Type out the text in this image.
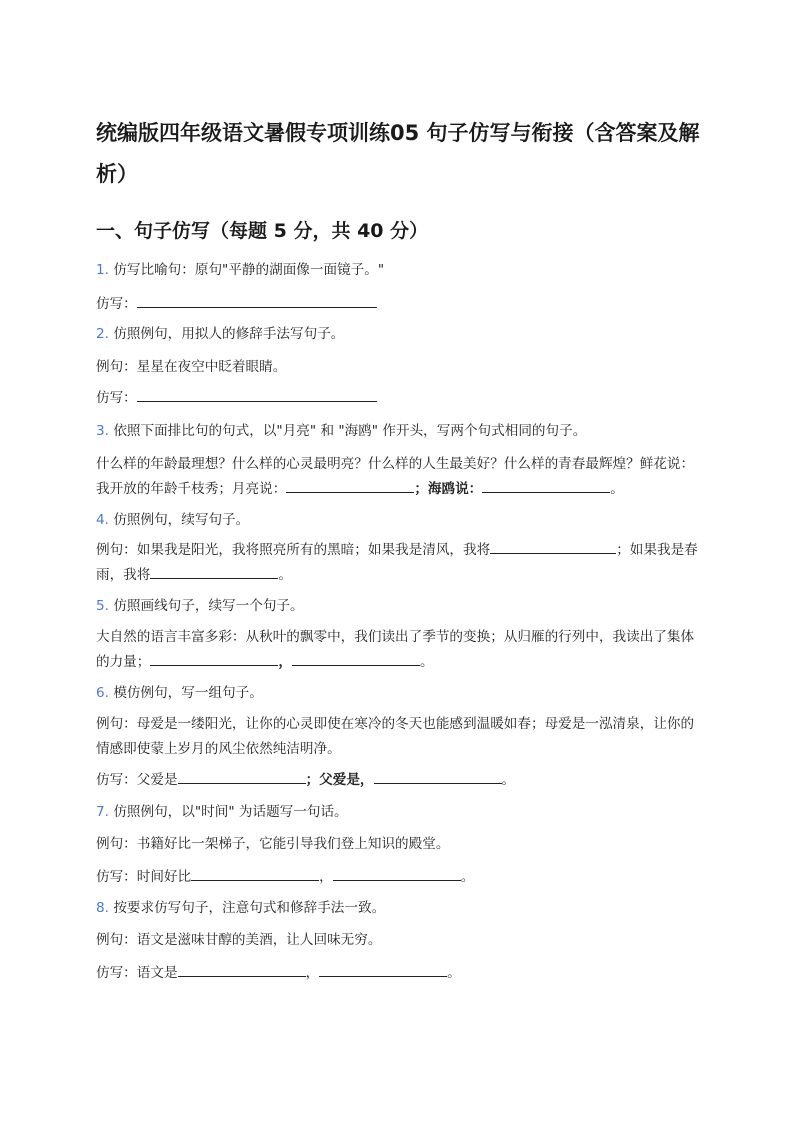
统编版四年级语文暑假专项训练05 句子仿写与衔接（含答案及解析）
一、句子仿写（每题 5 分，共 40 分）

1. 仿写比喻句：原句"平静的湖面像一面镜子。"

仿写：

2. 仿照例句，用拟人的修辞手法写句子。

例句：星星在夜空中眨着眼睛。

仿写：

3. 依照下面排比句的句式，以"月亮" 和 "海鸥" 作开头，写两个句式相同的句子。

什么样的年龄最理想？什么样的心灵最明亮？什么样的人生最美好？什么样的青春最辉煌？鲜花说：我开放的年龄千枝秀；月亮说：	；海鸥说：	。

4. 仿照例句，续写句子。

例句：如果我是阳光，我将照亮所有的黑暗；如果我是清风，我将	；如果我是春雨，我将	。

5. 仿照画线句子，续写一个句子。

大自然的语言丰富多彩：从秋叶的飘零中，我们读出了季节的变换；从归雁的行列中，我读出了集体的力量；	，	。

6. 模仿例句，写一组句子。

例句：母爱是一缕阳光，让你的心灵即使在寒冷的冬天也能感到温暖如春；母爱是一泓清泉，让你的情感即使蒙上岁月的风尘依然纯洁明净。

仿写：父爱是	；父爱是，	。

7. 仿照例句，以"时间" 为话题写一句话。

例句：书籍好比一架梯子，它能引导我们登上知识的殿堂。

仿写：时间好比	，	。

8. 按要求仿写句子，注意句式和修辞手法一致。

例句：语文是滋味甘醇的美酒，让人回味无穷。

仿写：语文是	，	。
